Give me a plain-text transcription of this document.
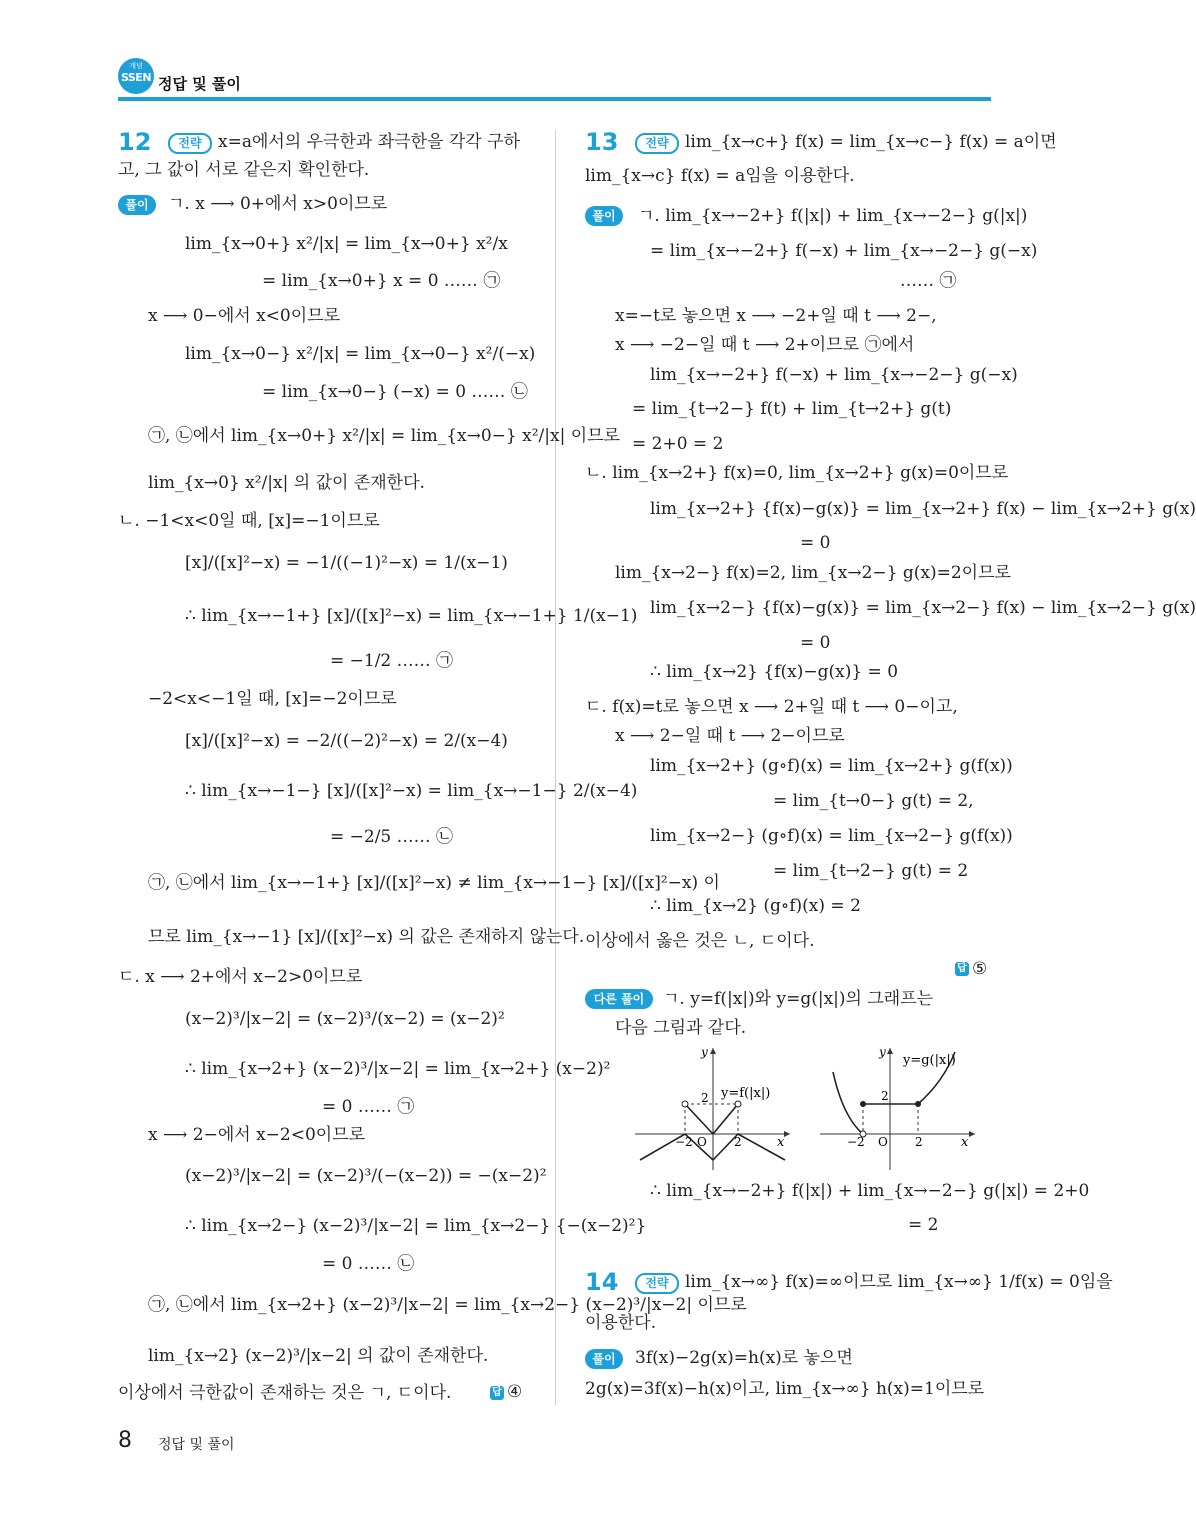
개념
SSEN 정답 및 풀이
12	전략 x=a에서의 우극한과 좌극한을 각각 구하
고, 그 값이 서로 같은지 확인한다.
풀이	ㄱ. x ⟶ 0+에서 x>0이므로
lim_{x→0+} x²/|x| = lim_{x→0+} x²/x
= lim_{x→0+} x = 0 …… ㉠
x ⟶ 0−에서 x<0이므로
lim_{x→0−} x²/|x| = lim_{x→0−} x²/(−x)
= lim_{x→0−} (−x) = 0 …… ㉡
㉠, ㉡에서 lim_{x→0+} x²/|x| = lim_{x→0−} x²/|x| 이므로
lim_{x→0} x²/|x| 의 값이 존재한다.
ㄴ. −1<x<0일 때, [x]=−1이므로
[x]/([x]²−x) = −1/((−1)²−x) = 1/(x−1)
∴ lim_{x→−1+} [x]/([x]²−x) = lim_{x→−1+} 1/(x−1)
= −1/2 …… ㉠
−2<x<−1일 때, [x]=−2이므로
[x]/([x]²−x) = −2/((−2)²−x) = 2/(x−4)
∴ lim_{x→−1−} [x]/([x]²−x) = lim_{x→−1−} 2/(x−4)
= −2/5 …… ㉡
㉠, ㉡에서 lim_{x→−1+} [x]/([x]²−x) ≠ lim_{x→−1−} [x]/([x]²−x) 이
므로 lim_{x→−1} [x]/([x]²−x) 의 값은 존재하지 않는다.
ㄷ. x ⟶ 2+에서 x−2>0이므로
(x−2)³/|x−2| = (x−2)³/(x−2) = (x−2)²
∴ lim_{x→2+} (x−2)³/|x−2| = lim_{x→2+} (x−2)²
= 0 …… ㉠
x ⟶ 2−에서 x−2<0이므로
(x−2)³/|x−2| = (x−2)³/(−(x−2)) = −(x−2)²
∴ lim_{x→2−} (x−2)³/|x−2| = lim_{x→2−} {−(x−2)²}
= 0 …… ㉡
㉠, ㉡에서 lim_{x→2+} (x−2)³/|x−2| = lim_{x→2−} (x−2)³/|x−2| 이므로
lim_{x→2} (x−2)³/|x−2| 의 값이 존재한다.
이상에서 극한값이 존재하는 것은 ㄱ, ㄷ이다.	답 ④
13	전략 lim_{x→c+} f(x) = lim_{x→c−} f(x) = a이면
lim_{x→c} f(x) = a임을 이용한다.
풀이	ㄱ. lim_{x→−2+} f(|x|) + lim_{x→−2−} g(|x|)
= lim_{x→−2+} f(−x) + lim_{x→−2−} g(−x)
…… ㉠
x=−t로 놓으면 x ⟶ −2+일 때 t ⟶ 2−,
x ⟶ −2−일 때 t ⟶ 2+이므로 ㉠에서
lim_{x→−2+} f(−x) + lim_{x→−2−} g(−x)
= lim_{t→2−} f(t) + lim_{t→2+} g(t)
= 2+0 = 2
ㄴ. lim_{x→2+} f(x)=0, lim_{x→2+} g(x)=0이므로
lim_{x→2+} {f(x)−g(x)} = lim_{x→2+} f(x) − lim_{x→2+} g(x)
= 0
lim_{x→2−} f(x)=2, lim_{x→2−} g(x)=2이므로
lim_{x→2−} {f(x)−g(x)} = lim_{x→2−} f(x) − lim_{x→2−} g(x)
= 0
∴ lim_{x→2} {f(x)−g(x)} = 0
ㄷ. f(x)=t로 놓으면 x ⟶ 2+일 때 t ⟶ 0−이고,
x ⟶ 2−일 때 t ⟶ 2−이므로
lim_{x→2+} (g∘f)(x) = lim_{x→2+} g(f(x))
= lim_{t→0−} g(t) = 2,
lim_{x→2−} (g∘f)(x) = lim_{x→2−} g(f(x))
= lim_{t→2−} g(t) = 2
∴ lim_{x→2} (g∘f)(x) = 2
이상에서 옳은 것은 ㄴ, ㄷ이다.
답 ⑤
다른 풀이	ㄱ. y=f(|x|)와 y=g(|x|)의 그래프는
다음 그림과 같다.
y
x
y=f(|x|)
2
−2 O 2
y
x
y=g(|x|)
2
−2 O 2
∴ lim_{x→−2+} f(|x|) + lim_{x→−2−} g(|x|) = 2+0
= 2
14	전략 lim_{x→∞} f(x)=∞이므로 lim_{x→∞} 1/f(x) = 0임을
이용한다.
풀이	3f(x)−2g(x)=h(x)로 놓으면
2g(x)=3f(x)−h(x)이고, lim_{x→∞} h(x)=1이므로
8 정답 및 풀이
